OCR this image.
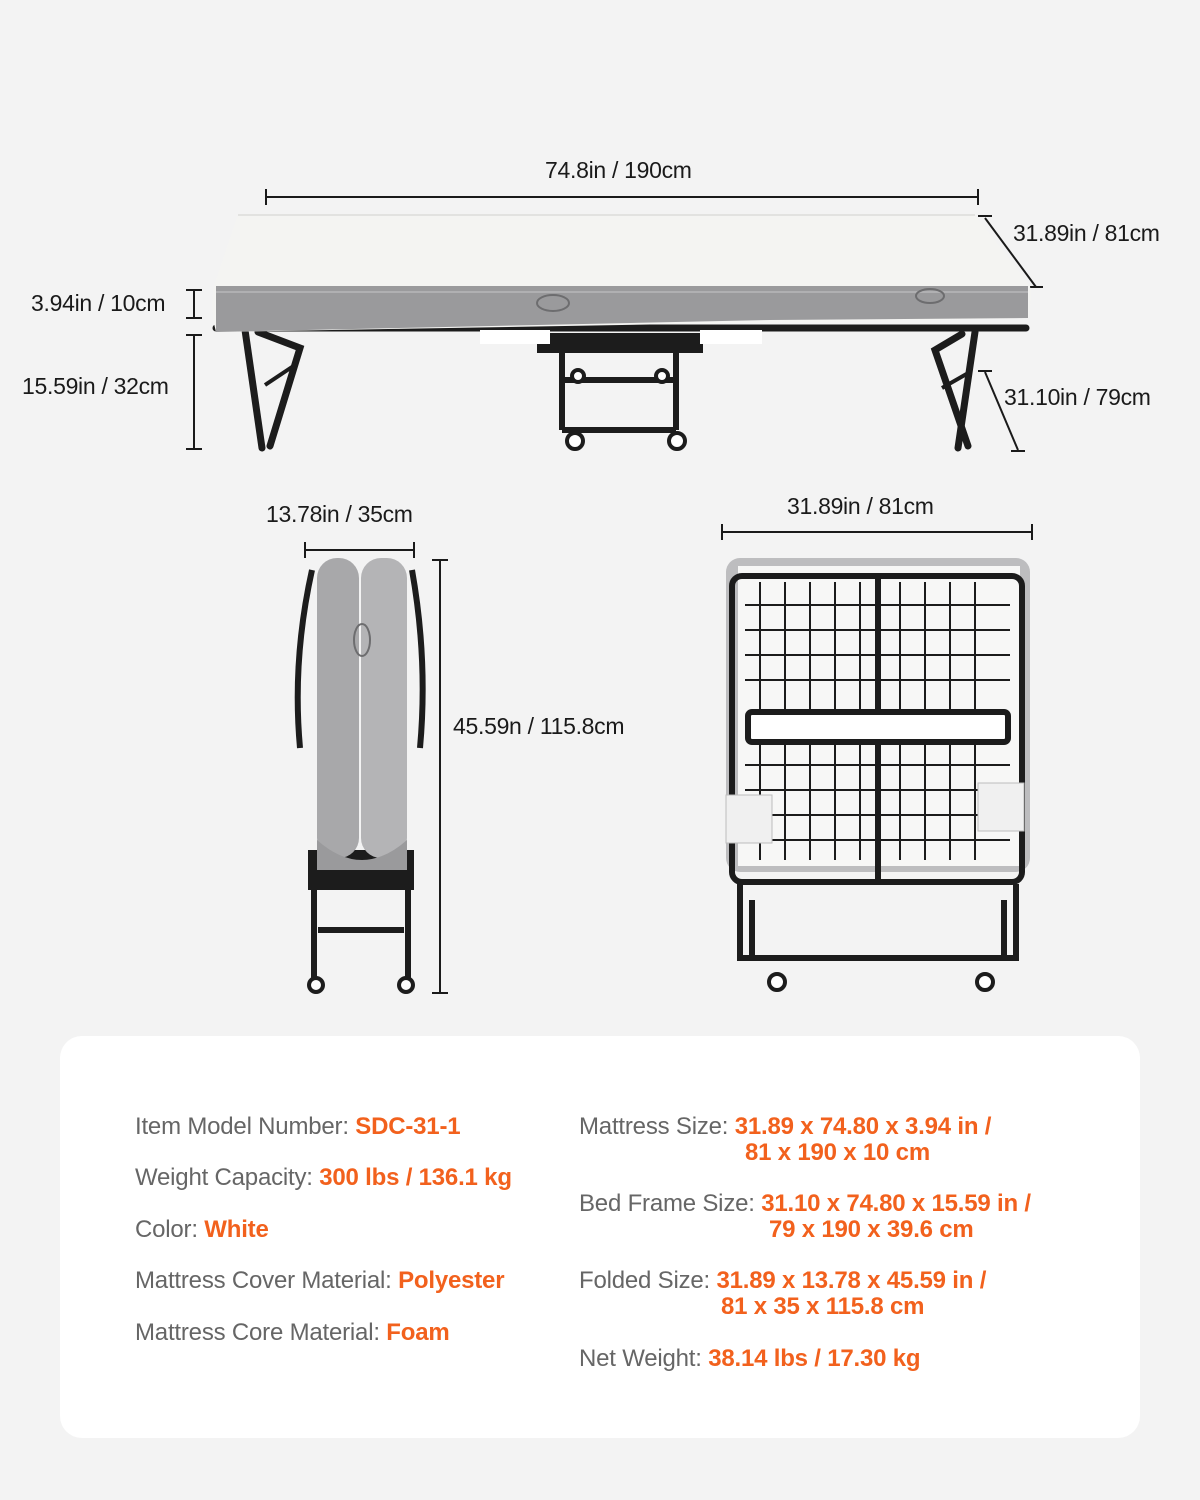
74.8in / 190cm
31.89in / 81cm
3.94in / 10cm
15.59in / 32cm	31.10in / 79cm
13.78in / 35cm
45.59n / 115.8cm
31.89in / 81cm
Item Model Number: SDC-31-1
Weight Capacity: 300 lbs / 136.1 kg
Color: White
Mattress Cover Material: Polyester
Mattress Core Material: Foam
Mattress Size: 31.89 x 74.80 x 3.94 in /
81 x 190 x 10 cm
Bed Frame Size: 31.10 x 74.80 x 15.59 in /
79 x 190 x 39.6 cm
Folded Size: 31.89 x 13.78 x 45.59 in /
81 x 35 x 115.8 cm
Net Weight: 38.14 lbs / 17.30 kg
